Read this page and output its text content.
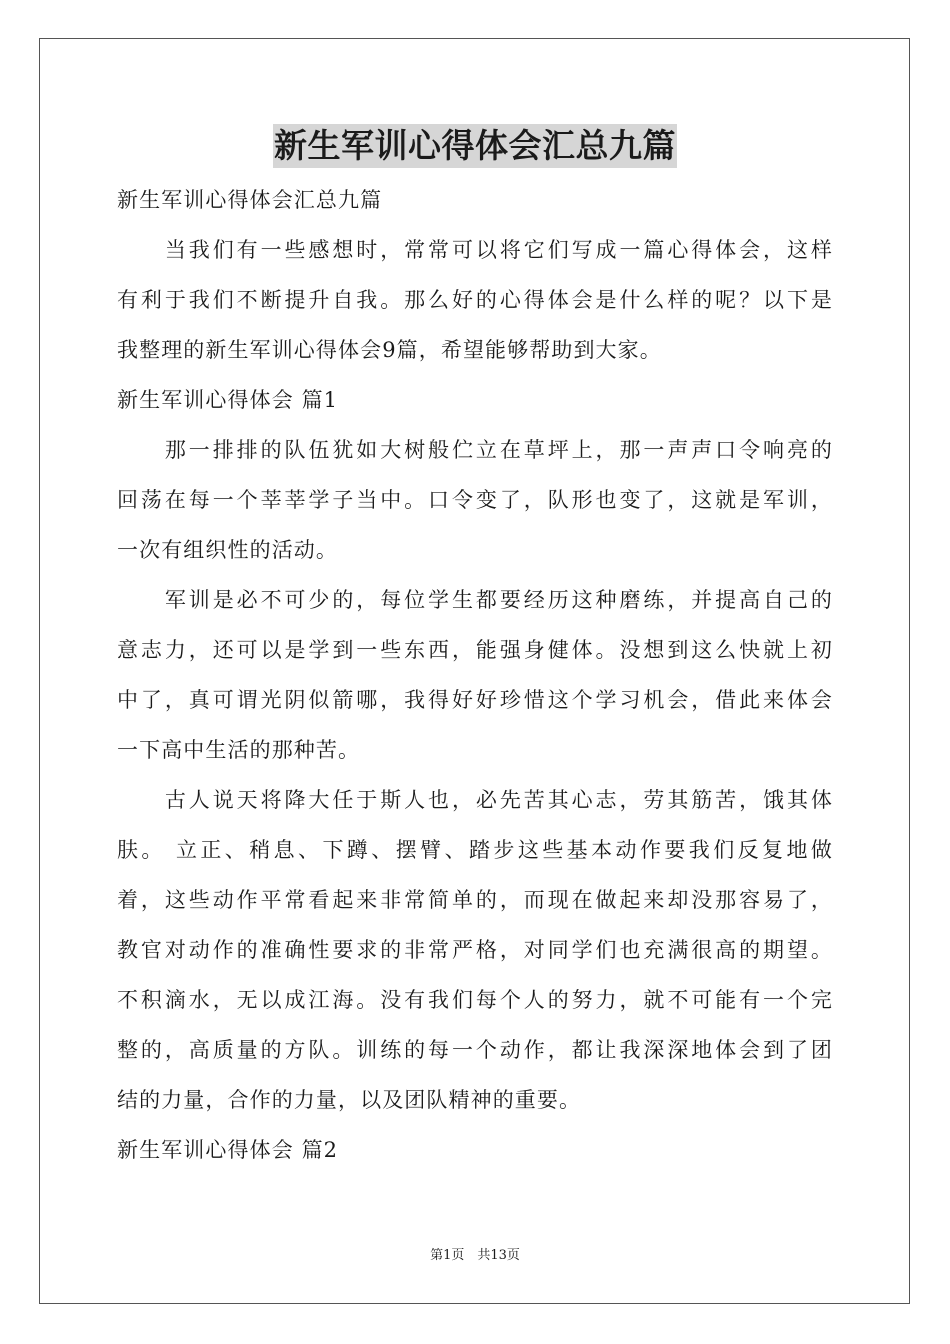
新生军训心得体会汇总九篇
新生军训心得体会汇总九篇
　　当我们有一些感想时，常常可以将它们写成一篇心得体会，这样
有利于我们不断提升自我。那么好的心得体会是什么样的呢？以下是
我整理的新生军训心得体会9篇，希望能够帮助到大家。
新生军训心得体会 篇1
　　那一排排的队伍犹如大树般伫立在草坪上，那一声声口令响亮的
回荡在每一个莘莘学子当中。口令变了，队形也变了，这就是军训，
一次有组织性的活动。
　　军训是必不可少的，每位学生都要经历这种磨练，并提高自己的
意志力，还可以是学到一些东西，能强身健体。没想到这么快就上初
中了，真可谓光阴似箭哪，我得好好珍惜这个学习机会，借此来体会
一下高中生活的那种苦。
　　古人说天将降大任于斯人也，必先苦其心志，劳其筋苦，饿其体
肤。 立正、稍息、下蹲、摆臂、踏步这些基本动作要我们反复地做
着，这些动作平常看起来非常简单的，而现在做起来却没那容易了，
教官对动作的准确性要求的非常严格，对同学们也充满很高的期望。
不积滴水，无以成江海。没有我们每个人的努力，就不可能有一个完
整的，高质量的方队。训练的每一个动作，都让我深深地体会到了团
结的力量，合作的力量，以及团队精神的重要。
新生军训心得体会 篇2
第1页　共13页
